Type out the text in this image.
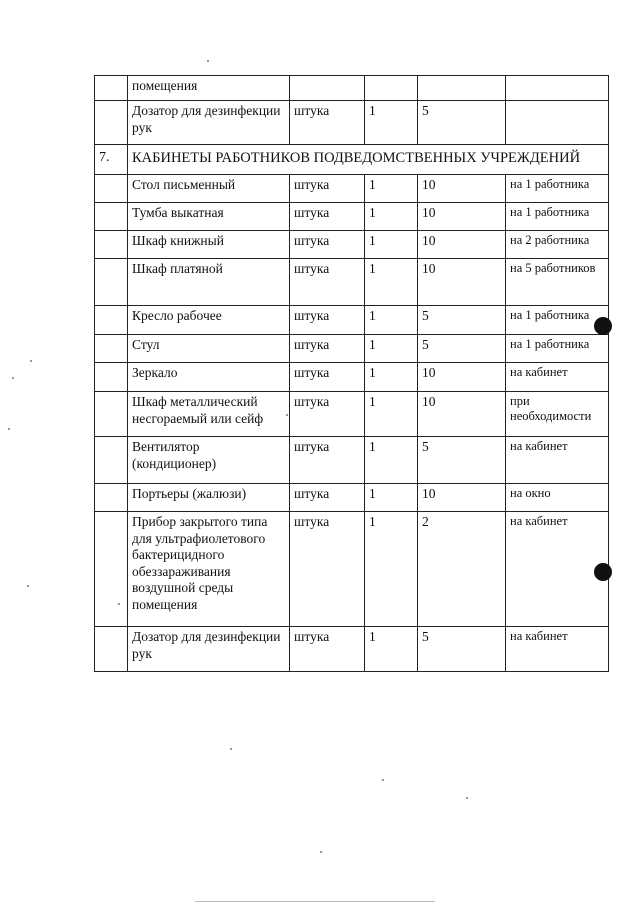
	помещения				
	Дозатор для дезинфекции рук	штука	1	5	
7.	КАБИНЕТЫ РАБОТНИКОВ ПОДВЕДОМСТВЕННЫХ УЧРЕЖДЕНИЙ				
	Стол письменный	штука	1	10	на 1 работника
	Тумба выкатная	штука	1	10	на 1 работника
	Шкаф книжный	штука	1	10	на 2 работника
	Шкаф платяной	штука	1	10	на 5 работников
	Кресло рабочее	штука	1	5	на 1 работника
	Стул	штука	1	5	на 1 работника
	Зеркало	штука	1	10	на кабинет
	Шкаф металлический несгораемый или сейф	штука	1	10	при необходимости
	Вентилятор (кондиционер)	штука	1	5	на кабинет
	Портьеры (жалюзи)	штука	1	10	на окно
	Прибор закрытого типа для ультрафиолетового бактерицидного обеззараживания воздушной среды помещения	штука	1	2	на кабинет
	Дозатор для дезинфекции рук	штука	1	5	на кабинет
